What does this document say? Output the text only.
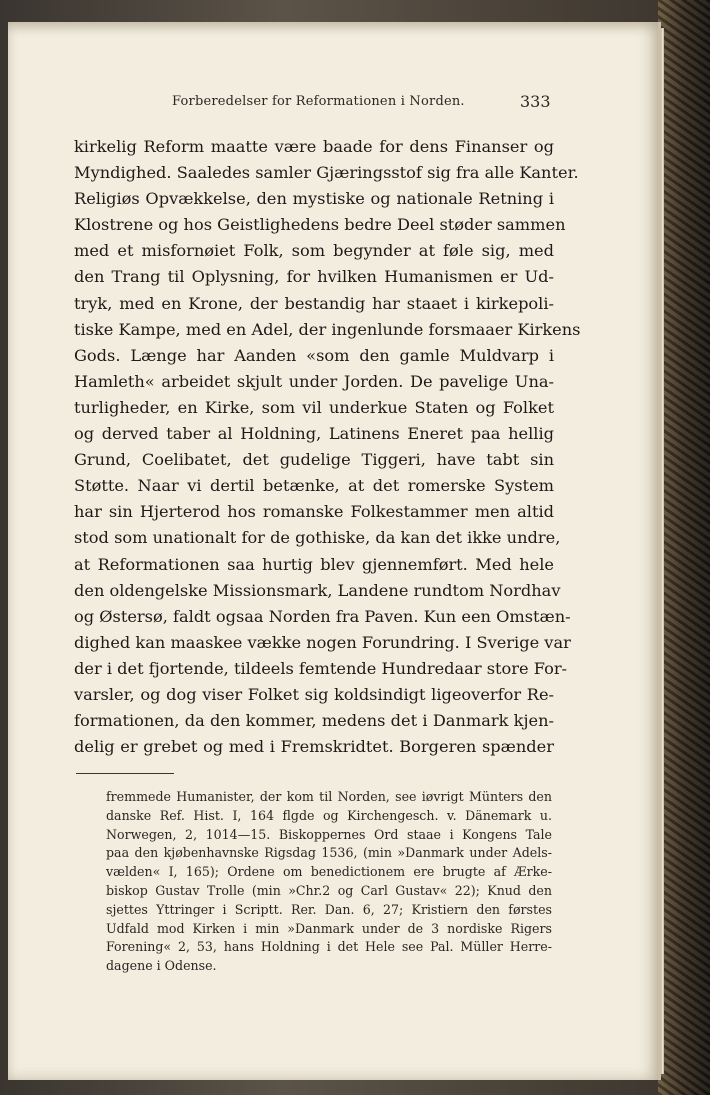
Forberedelser for Reformationen i Norden.	333
kirkelig Reform maatte være baade for dens Finanser og
Myndighed. Saaledes samler Gjæringsstof sig fra alle Kanter.
Religiøs Opvækkelse, den mystiske og nationale Retning i
Klostrene og hos Geistlighedens bedre Deel støder sammen
med et misfornøiet Folk, som begynder at føle sig, med
den Trang til Oplysning, for hvilken Humanismen er Ud-
tryk, med en Krone, der bestandig har staaet i kirkepoli-
tiske Kampe, med en Adel, der ingenlunde forsmaaer Kirkens
Gods. Længe har Aanden «som den gamle Muldvarp i
Hamleth« arbeidet skjult under Jorden. De pavelige Una-
turligheder, en Kirke, som vil underkue Staten og Folket
og derved taber al Holdning, Latinens Eneret paa hellig
Grund, Coelibatet, det gudelige Tiggeri, have tabt sin
Støtte. Naar vi dertil betænke, at det romerske System
har sin Hjerterod hos romanske Folkestammer men altid
stod som unationalt for de gothiske, da kan det ikke undre,
at Reformationen saa hurtig blev gjennemført. Med hele
den oldengelske Missionsmark, Landene rundtom Nordhav
og Østersø, faldt ogsaa Norden fra Paven. Kun een Omstæn-
dighed kan maaskee vække nogen Forundring. I Sverige var
der i det fjortende, tildeels femtende Hundredaar store For-
varsler, og dog viser Folket sig koldsindigt ligeoverfor Re-
formationen, da den kommer, medens det i Danmark kjen-
delig er grebet og med i Fremskridtet. Borgeren spænder
fremmede Humanister, der kom til Norden, see iøvrigt Münters den
danske Ref. Hist. I, 164 flgde og Kirchengesch. v. Dänemark u.
Norwegen, 2, 1014—15. Biskoppernes Ord staae i Kongens Tale
paa den kjøbenhavnske Rigsdag 1536, (min »Danmark under Adels-
vælden« I, 165); Ordene om benedictionem ere brugte af Ærke-
biskop Gustav Trolle (min »Chr.2 og Carl Gustav« 22); Knud den
sjettes Yttringer i Scriptt. Rer. Dan. 6, 27; Kristiern den førstes
Udfald mod Kirken i min »Danmark under de 3 nordiske Rigers
Forening« 2, 53, hans Holdning i det Hele see Pal. Müller Herre-
dagene i Odense.
